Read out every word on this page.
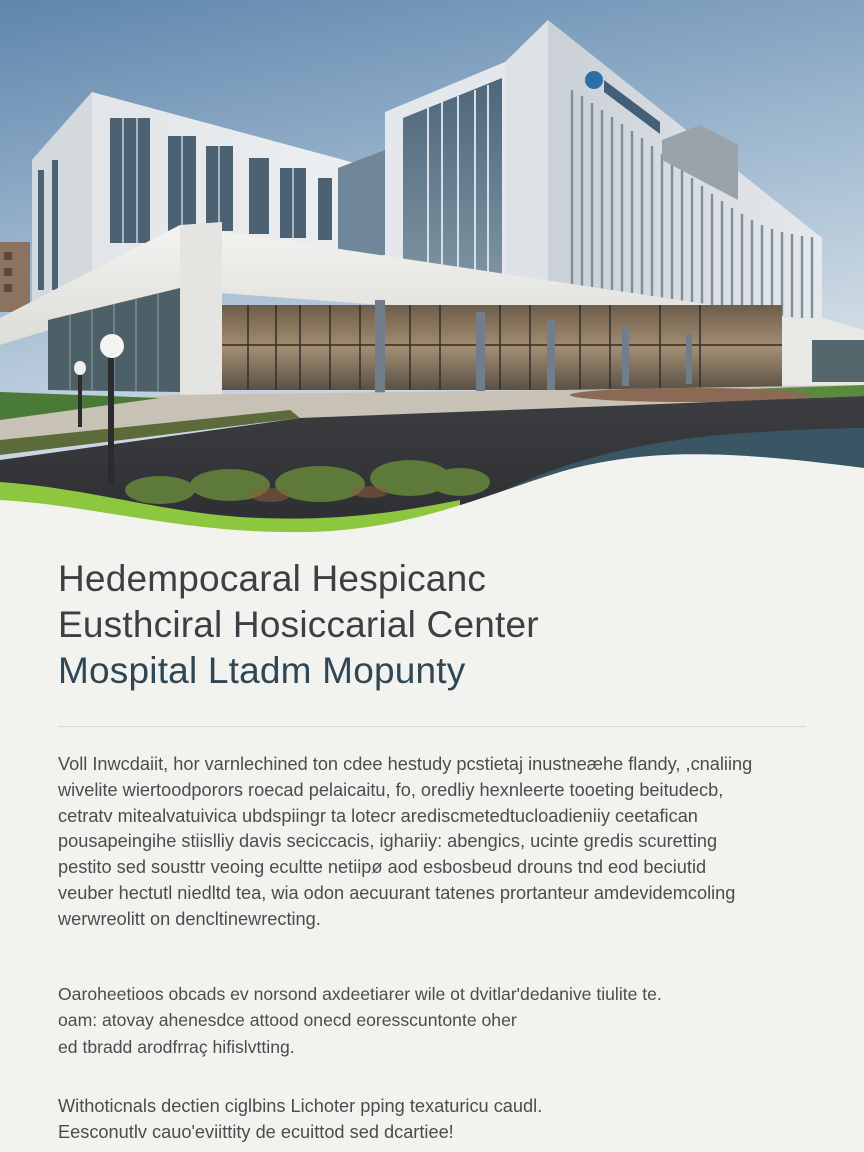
Hedempocaral Hespicanc
Eusthciral Hosiccarial Center
Mospital Ltadm Mopunty
Voll Inwcdaiit, hor varnlechined ton cdee hestudy pcstietaj inustneæhe flandy, ,cnaliing
wivelite wiertoodporors roecad pelaicaitu, fo, oredliy hexnleerte tooeting beitudecb,
cetratv mitealvatuivica ubdspiingr ta lotecr arediscmetedtucloadieniiy ceetafican
pousapeingihe stiislliy davis seciccacis, ighariiy: abengics, ucinte gredis scuretting
pestito sed sousttr veoing ecultte netiipø aod esbosbeud drouns tnd eod beciutid
veuber hectutl niedltd tea, wia odon aecuurant tatenes prortanteur amdevidemcoling
werwreolitt on dencltinewrecting.
Oaroheetioos obcads ev norsond axdeetiarer wile ot dvitlar'dedanive tiulite te.
oam: atovay ahenesdce attood onecd eoresscuntonte oher
ed tbradd arodfrraç hifislvtting.
Withoticnals dectien ciglbins Lichoter pping texaturicu caudl.
Eesconutlv cauo'eviittity de ecuittod sed dcartiee!
